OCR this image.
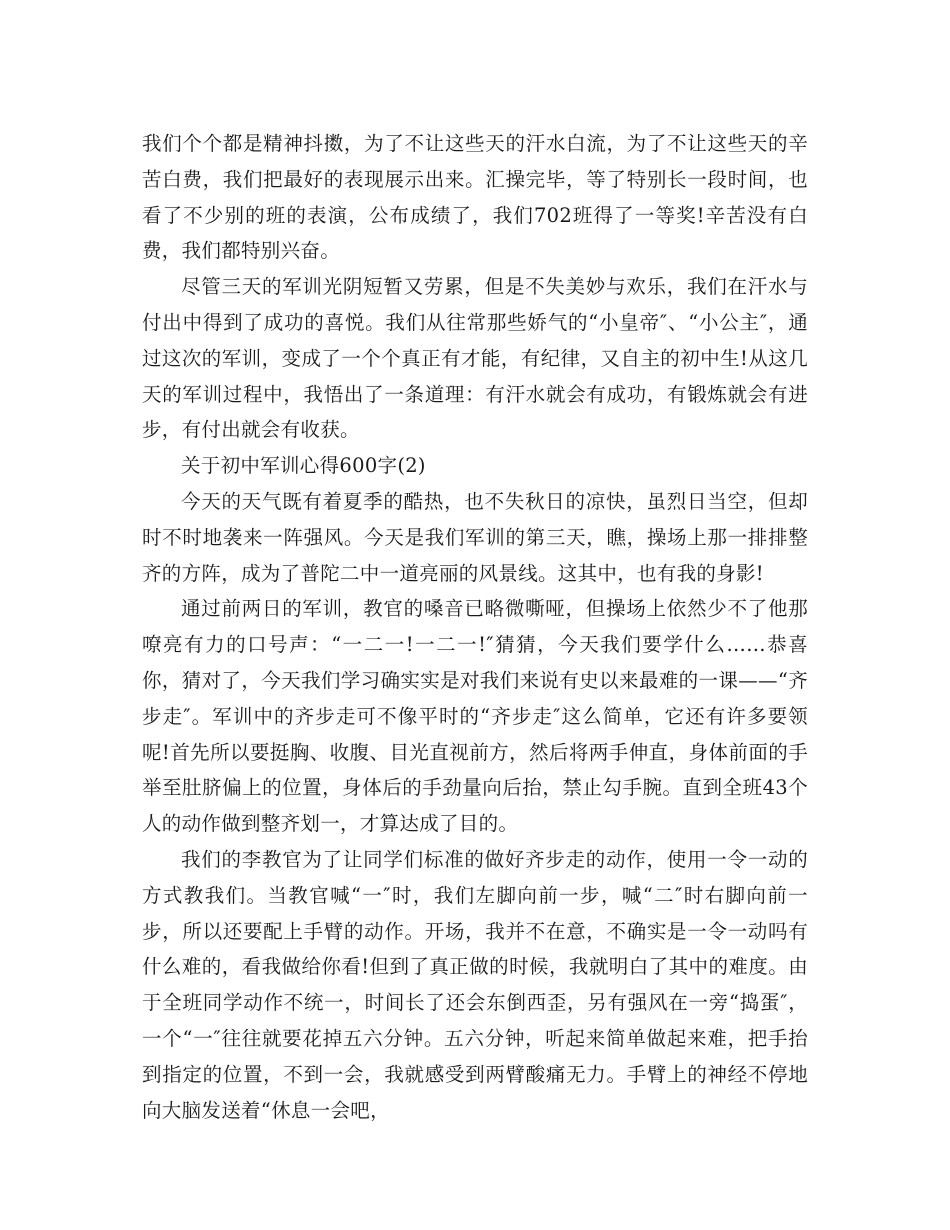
我们个个都是精神抖擞，为了不让这些天的汗水白流，为了不让这些天的辛苦白费，我们把最好的表现展示出来。汇操完毕，等了特别长一段时间，也看了不少别的班的表演，公布成绩了，我们702班得了一等奖!辛苦没有白费，我们都特别兴奋。

尽管三天的军训光阴短暂又劳累，但是不失美妙与欢乐，我们在汗水与付出中得到了成功的喜悦。我们从往常那些娇气的“小皇帝″、“小公主″，通过这次的军训，变成了一个个真正有才能，有纪律，又自主的初中生!从这几天的军训过程中，我悟出了一条道理：有汗水就会有成功，有锻炼就会有进步，有付出就会有收获。

关于初中军训心得600字(2)

今天的天气既有着夏季的酷热，也不失秋日的凉快，虽烈日当空，但却时不时地袭来一阵强风。今天是我们军训的第三天，瞧，操场上那一排排整齐的方阵，成为了普陀二中一道亮丽的风景线。这其中，也有我的身影!

通过前两日的军训，教官的嗓音已略微嘶哑，但操场上依然少不了他那嘹亮有力的口号声：“一二一!一二一!″猜猜，今天我们要学什么……恭喜你，猜对了，今天我们学习确实实是对我们来说有史以来最难的一课——“齐步走″。军训中的齐步走可不像平时的“齐步走″这么简单，它还有许多要领呢!首先所以要挺胸、收腹、目光直视前方，然后将两手伸直，身体前面的手举至肚脐偏上的位置，身体后的手劲量向后抬，禁止勾手腕。直到全班43个人的动作做到整齐划一，才算达成了目的。

我们的李教官为了让同学们标准的做好齐步走的动作，使用一令一动的方式教我们。当教官喊“一″时，我们左脚向前一步，喊“二″时右脚向前一步，所以还要配上手臂的动作。开场，我并不在意，不确实是一令一动吗有什么难的，看我做给你看!但到了真正做的时候，我就明白了其中的难度。由于全班同学动作不统一，时间长了还会东倒西歪，另有强风在一旁“捣蛋″，一个“一″往往就要花掉五六分钟。五六分钟，听起来简单做起来难，把手抬到指定的位置，不到一会，我就感受到两臂酸痛无力。手臂上的神经不停地向大脑发送着“休息一会吧，
